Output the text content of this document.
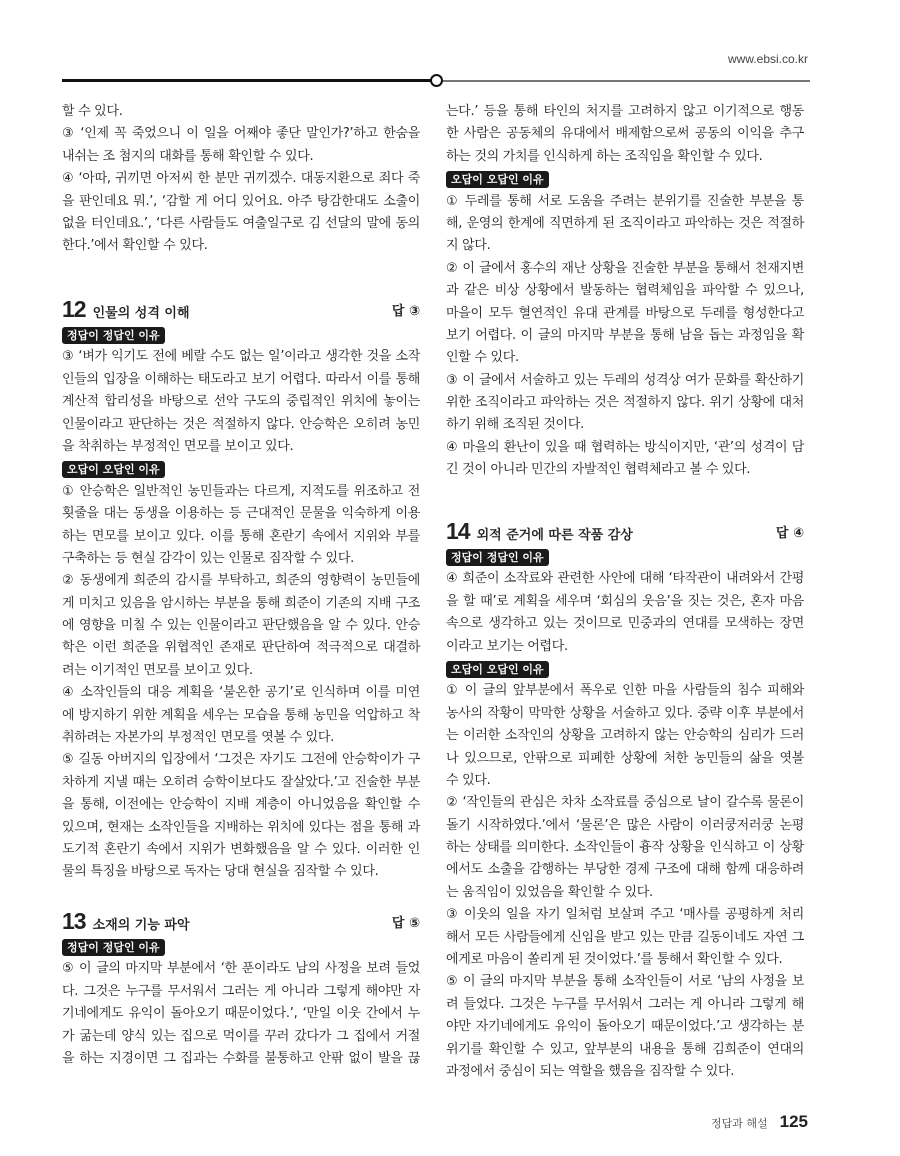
www.ebsi.co.kr
할 수 있다.
③ ‘인제 꼭 죽었으니 이 일을 어째야 좋단 말인가?’하고 한숨을
내쉬는 조 첨지의 대화를 통해 확인할 수 있다.
④ ‘아따, 귀끼면 아저씨 한 분만 귀끼겠수. 대동지환으로 죄다 죽
을 판인데요 뭐.’, ‘감할 게 어디 있어요. 아주 탕감한대도 소출이
없을 터인데요.’, ‘다른 사람들도 여출일구로 김 선달의 말에 동의
한다.’에서 확인할 수 있다.
12 인물의 성격 이해	답 ③
정답이 정답인 이유
③ ‘벼가 익기도 전에 베랄 수도 없는 일’이라고 생각한 것을 소작
인들의 입장을 이해하는 태도라고 보기 어렵다. 따라서 이를 통해
계산적 합리성을 바탕으로 선악 구도의 중립적인 위치에 놓이는
인물이라고 판단하는 것은 적절하지 않다. 안승학은 오히려 농민
을 착취하는 부정적인 면모를 보이고 있다.
오답이 오답인 이유
① 안승학은 일반적인 농민들과는 다르게, 지적도를 위조하고 전
횟줄을 대는 동생을 이용하는 등 근대적인 문물을 익숙하게 이용
하는 면모를 보이고 있다. 이를 통해 혼란기 속에서 지위와 부를
구축하는 등 현실 감각이 있는 인물로 짐작할 수 있다.
② 동생에게 희준의 감시를 부탁하고, 희준의 영향력이 농민들에
게 미치고 있음을 암시하는 부분을 통해 희준이 기존의 지배 구조
에 영향을 미칠 수 있는 인물이라고 판단했음을 알 수 있다. 안승
학은 이런 희준을 위협적인 존재로 판단하여 적극적으로 대결하
려는 이기적인 면모를 보이고 있다.
④ 소작인들의 대응 계획을 ‘불온한 공기’로 인식하며 이를 미연
에 방지하기 위한 계획을 세우는 모습을 통해 농민을 억압하고 착
취하려는 자본가의 부정적인 면모를 엿볼 수 있다.
⑤ 길동 아버지의 입장에서 ‘그것은 자기도 그전에 안승학이가 구
차하게 지낼 때는 오히려 승학이보다도 잘살았다.’고 진술한 부분
을 통해, 이전에는 안승학이 지배 계층이 아니었음을 확인할 수
있으며, 현재는 소작인들을 지배하는 위치에 있다는 점을 통해 과
도기적 혼란기 속에서 지위가 변화했음을 알 수 있다. 이러한 인
물의 특징을 바탕으로 독자는 당대 현실을 짐작할 수 있다.
13 소재의 기능 파악	답 ⑤
정답이 정답인 이유
⑤ 이 글의 마지막 부분에서 ‘한 푼이라도 남의 사정을 보려 들었
다. 그것은 누구를 무서워서 그러는 게 아니라 그렇게 해야만 자
기네에게도 유익이 돌아오기 때문이었다.’, ‘만일 이웃 간에서 누
가 굶는데 양식 있는 집으로 먹이를 꾸러 갔다가 그 집에서 거절
을 하는 지경이면 그 집과는 수화를 불통하고 안팎 없이 발을 끊
는다.’ 등을 통해 타인의 처지를 고려하지 않고 이기적으로 행동
한 사람은 공동체의 유대에서 배제함으로써 공동의 이익을 추구
하는 것의 가치를 인식하게 하는 조직임을 확인할 수 있다.
오답이 오답인 이유
① 두레를 통해 서로 도움을 주려는 분위기를 진술한 부분을 통
해, 운영의 한계에 직면하게 된 조직이라고 파악하는 것은 적절하
지 않다.
② 이 글에서 홍수의 재난 상황을 진술한 부분을 통해서 천재지변
과 같은 비상 상황에서 발동하는 협력체임을 파악할 수 있으나,
마을이 모두 혈연적인 유대 관계를 바탕으로 두레를 형성한다고
보기 어렵다. 이 글의 마지막 부분을 통해 남을 돕는 과정임을 확
인할 수 있다.
③ 이 글에서 서술하고 있는 두레의 성격상 여가 문화를 확산하기
위한 조직이라고 파악하는 것은 적절하지 않다. 위기 상황에 대처
하기 위해 조직된 것이다.
④ 마을의 환난이 있을 때 협력하는 방식이지만, ‘관’의 성격이 담
긴 것이 아니라 민간의 자발적인 협력체라고 볼 수 있다.
14 외적 준거에 따른 작품 감상	답 ④
정답이 정답인 이유
④ 희준이 소작료와 관련한 사안에 대해 ‘타작관이 내려와서 간평
을 할 때’로 계획을 세우며 ‘회심의 웃음’을 짓는 것은, 혼자 마음
속으로 생각하고 있는 것이므로 민중과의 연대를 모색하는 장면
이라고 보기는 어렵다.
오답이 오답인 이유
① 이 글의 앞부분에서 폭우로 인한 마을 사람들의 침수 피해와
농사의 작황이 막막한 상황을 서술하고 있다. 중략 이후 부분에서
는 이러한 소작인의 상황을 고려하지 않는 안승학의 심리가 드러
나 있으므로, 안팎으로 피폐한 상황에 처한 농민들의 삶을 엿볼
수 있다.
② ‘작인들의 관심은 차차 소작료를 중심으로 날이 갈수록 물론이
돌기 시작하였다.’에서 ‘물론’은 많은 사람이 이러쿵저러쿵 논평
하는 상태를 의미한다. 소작인들이 흉작 상황을 인식하고 이 상황
에서도 소출을 감행하는 부당한 경제 구조에 대해 함께 대응하려
는 움직임이 있었음을 확인할 수 있다.
③ 이웃의 일을 자기 일처럼 보살펴 주고 ‘매사를 공평하게 처리
해서 모든 사람들에게 신임을 받고 있는 만큼 길동이네도 자연 그
에게로 마음이 쏠리게 된 것이었다.’를 통해서 확인할 수 있다.
⑤ 이 글의 마지막 부분을 통해 소작인들이 서로 ‘남의 사정을 보
려 들었다. 그것은 누구를 무서워서 그러는 게 아니라 그렇게 해
야만 자기네에게도 유익이 돌아오기 때문이었다.’고 생각하는 분
위기를 확인할 수 있고, 앞부분의 내용을 통해 김희준이 연대의
과정에서 중심이 되는 역할을 했음을 짐작할 수 있다.
정답과 해설 125
